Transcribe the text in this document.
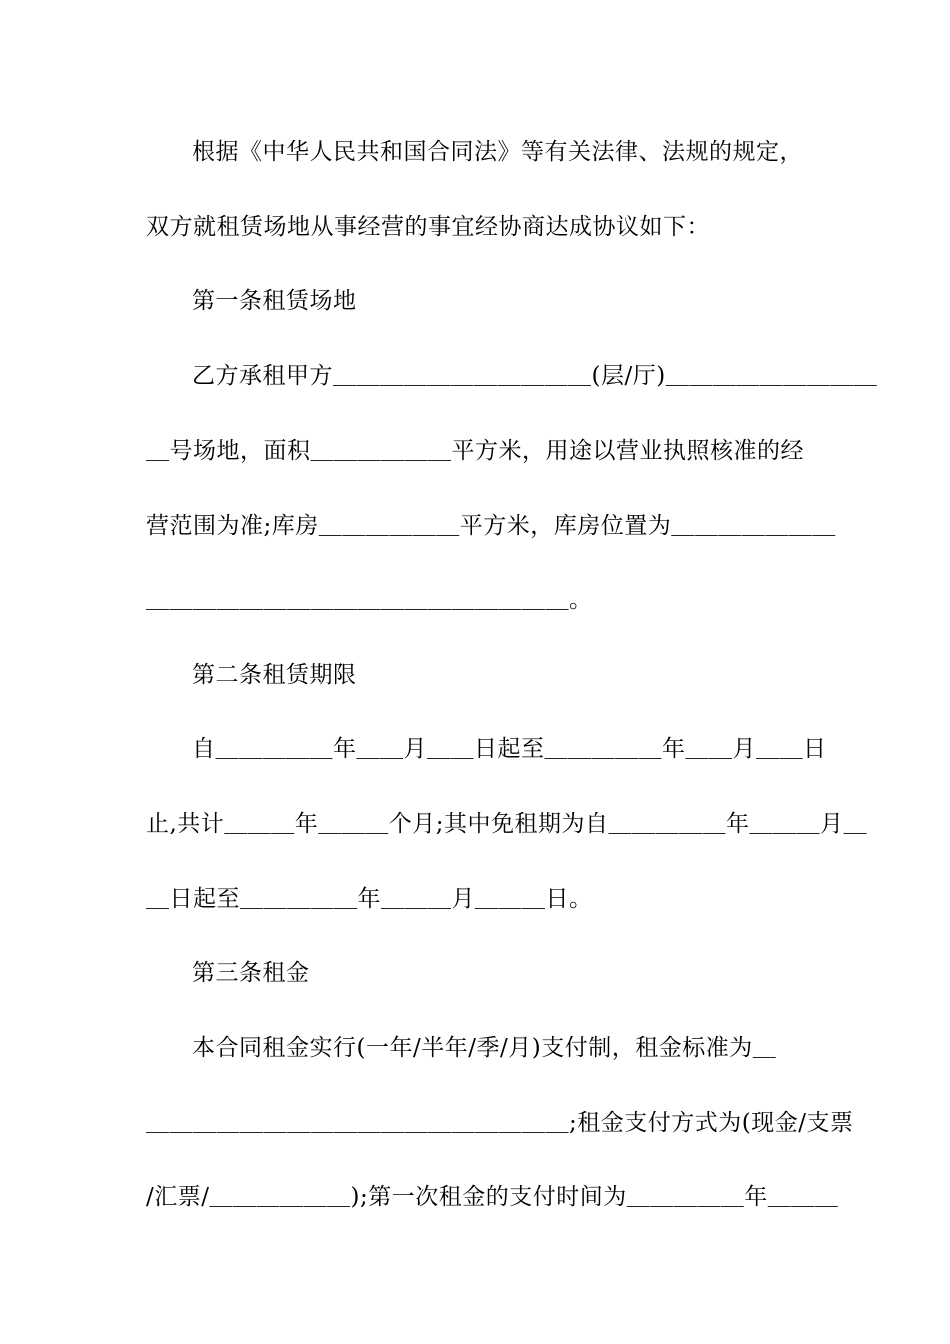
根据《中华人民共和国合同法》等有关法律、法规的规定，
双方就租赁场地从事经营的事宜经协商达成协议如下：
第一条租赁场地
乙方承租甲方＿＿＿＿＿＿＿＿＿＿＿(层/厅)＿＿＿＿＿＿＿＿＿
＿号场地，面积＿＿＿＿＿＿平方米，用途以营业执照核准的经
营范围为准;库房＿＿＿＿＿＿平方米，库房位置为＿＿＿＿＿＿＿
＿＿＿＿＿＿＿＿＿＿＿＿＿＿＿＿＿＿。
第二条租赁期限
自＿＿＿＿＿年＿＿月＿＿日起至＿＿＿＿＿年＿＿月＿＿日
止,共计＿＿＿年＿＿＿个月;其中免租期为自＿＿＿＿＿年＿＿＿月＿
＿日起至＿＿＿＿＿年＿＿＿月＿＿＿日。
第三条租金
本合同租金实行(一年/半年/季/月)支付制，租金标准为＿
＿＿＿＿＿＿＿＿＿＿＿＿＿＿＿＿＿＿;租金支付方式为(现金/支票
/汇票/＿＿＿＿＿＿);第一次租金的支付时间为＿＿＿＿＿年＿＿＿
